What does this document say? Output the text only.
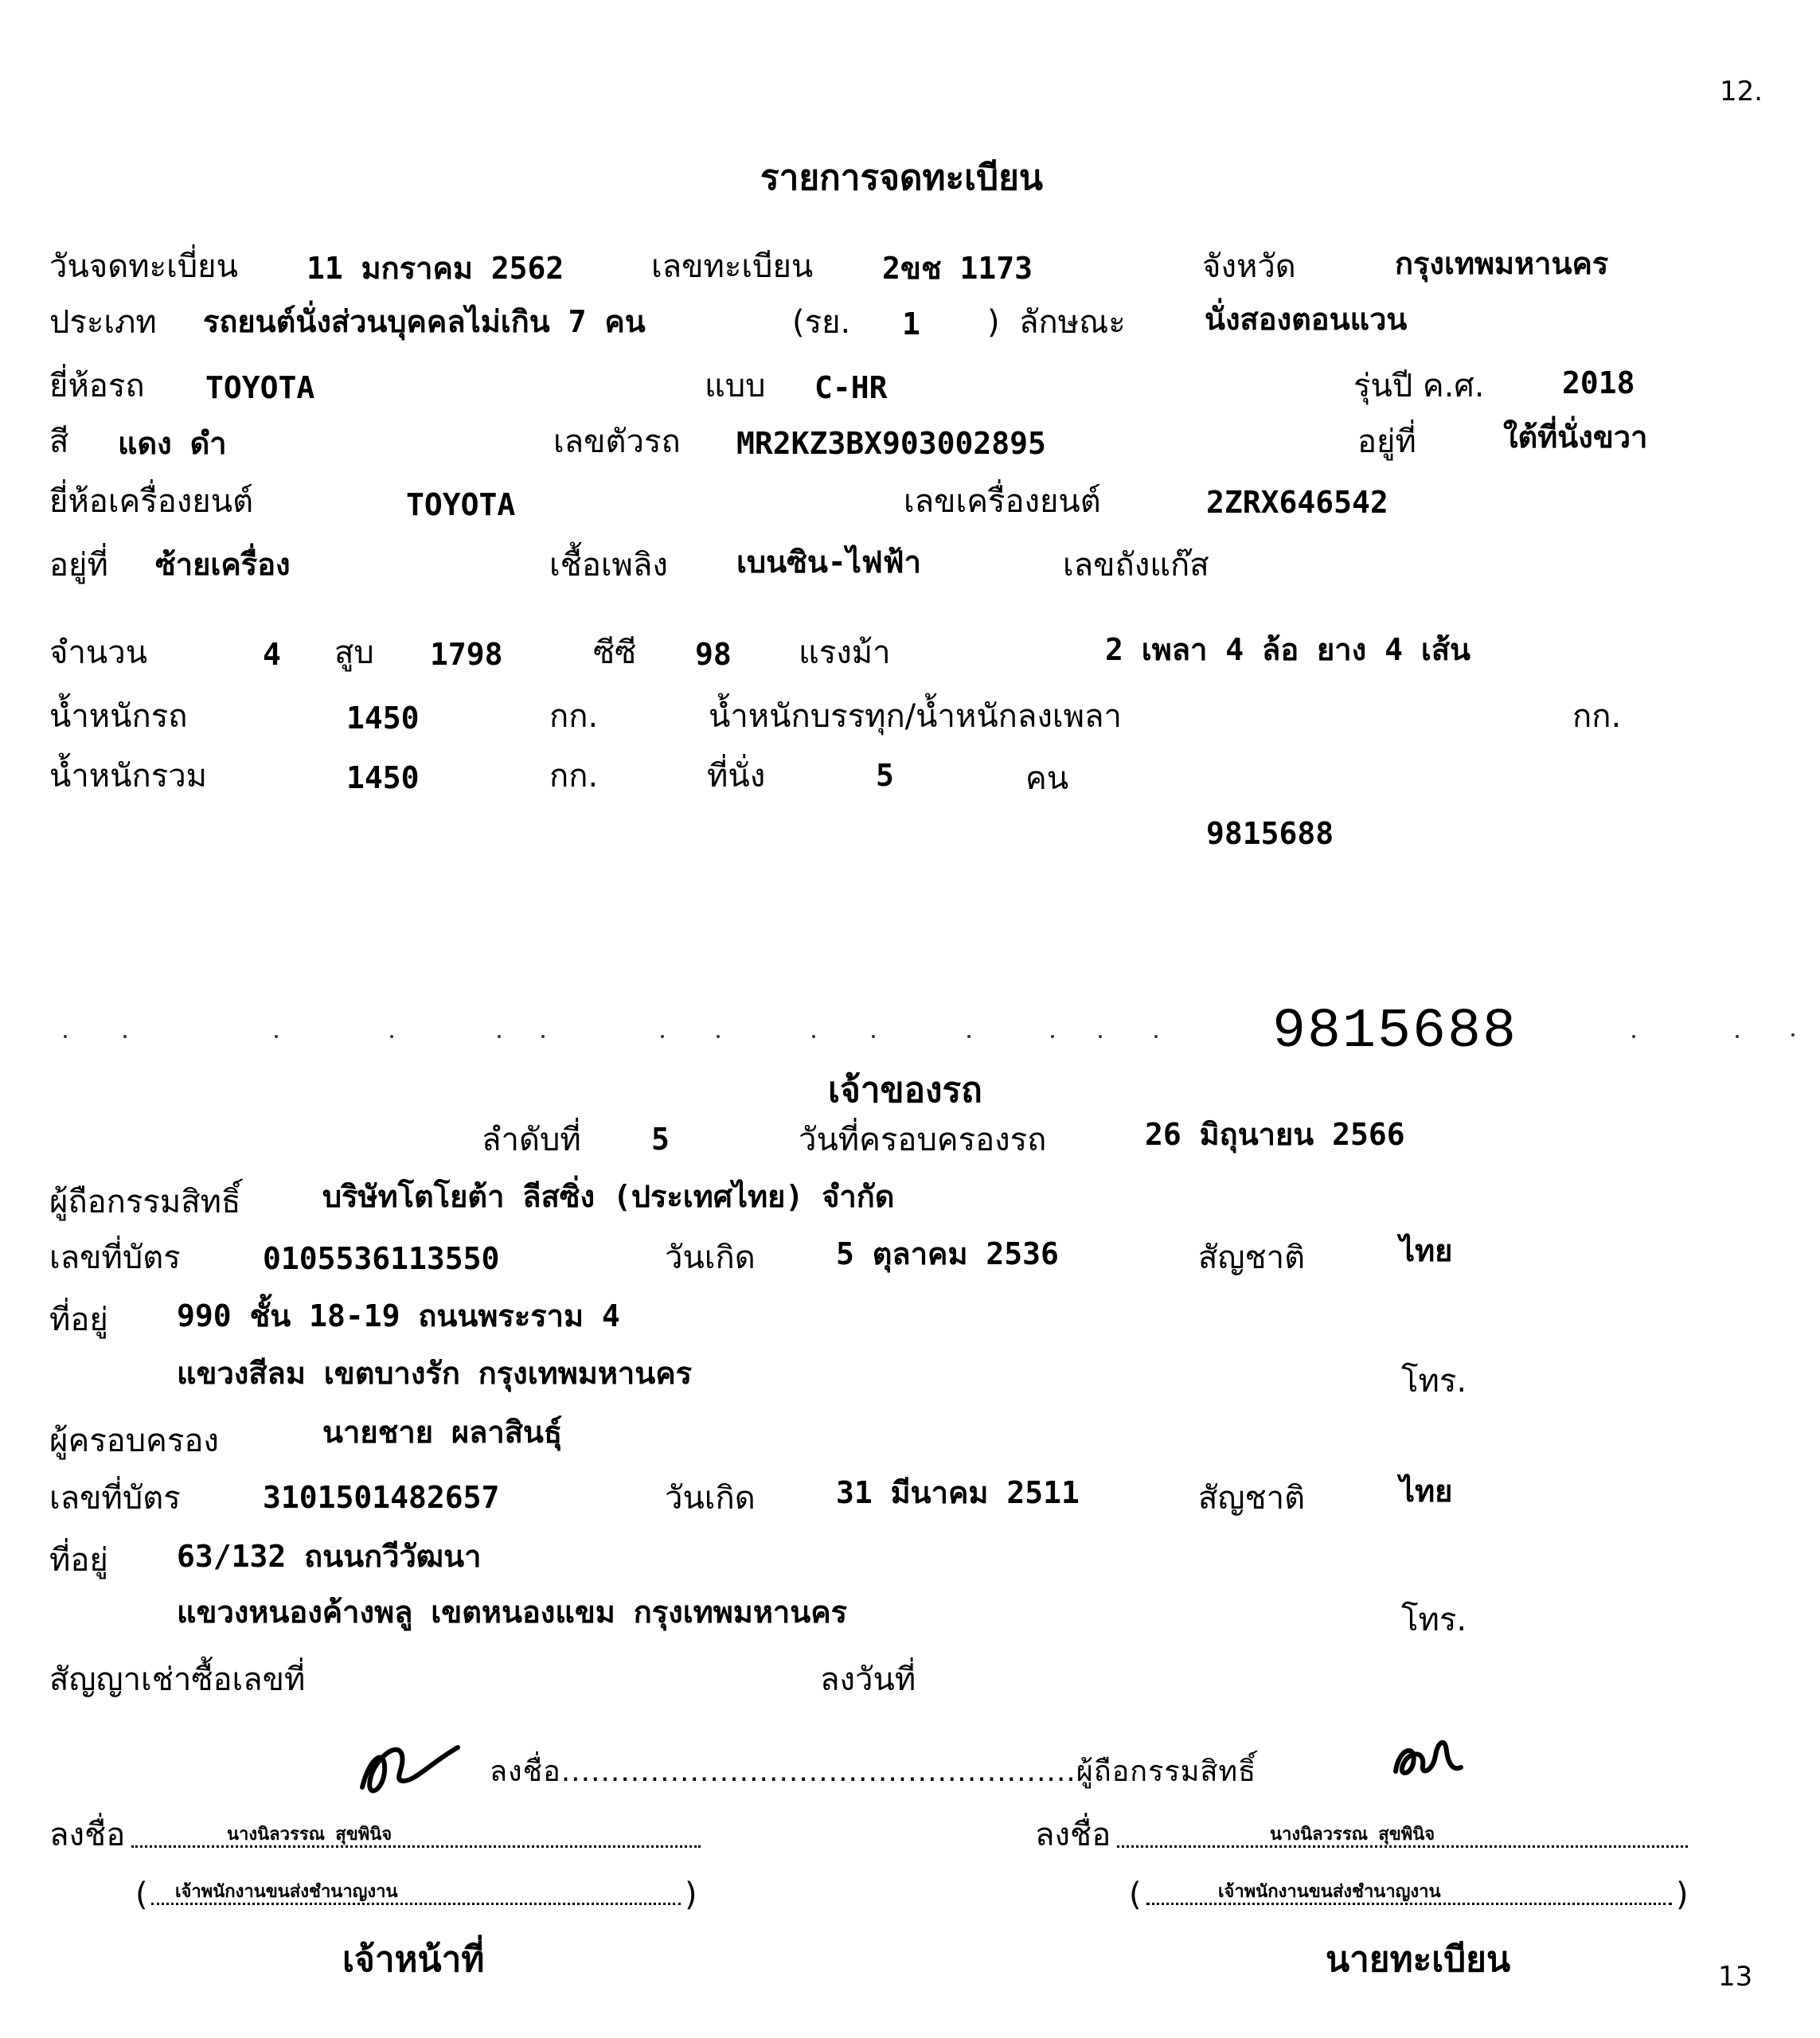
12.
13
รายการจดทะเบียน
วันจดทะเบี่ยน 11 มกราคม 2562	เลขทะเบียน 2ขช 1173	จังหวัด	กรุงเทพมหานคร
ประเภท รถยนต์นั่งส่วนบุคคลไม่เกิน 7 คน	(รย. 1 ) ลักษณะ	นั่งสองตอนแวน
ยี่ห้อรถ TOYOTA	แบบ C-HR	รุ่นปี ค.ศ.	2018
สี แดง ดำ	เลขตัวรถ MR2KZ3BX903002895	อยู่ที่	ใต้ที่นั่งขวา
ยี่ห้อเครื่องยนต์	TOYOTA	เลขเครื่องยนต์	2ZRX646542
อยู่ที่ ซ้ายเครื่อง	เชื้อเพลิง เบนซิน-ไฟฟ้า	เลขถังแก๊ส
จำนวน	4 สูบ 1798	ซีซี 98 แรงม้า	2 เพลา 4 ล้อ ยาง 4 เส้น
น้ำหนักรถ	1450	กก.	น้ำหนักบรรทุก/น้ำหนักลงเพลา	กก.
น้ำหนักรวม	1450	กก.	ที่นั่ง	5	คน
9815688
9815688
เจ้าของรถ
ลำดับที่ 5	วันที่ครอบครองรถ	26 มิถุนายน 2566
ผู้ถือกรรมสิทธิ์	บริษัทโตโยต้า ลีสซิ่ง (ประเทศไทย) จำกัด
เลขที่บัตร	0105536113550	วันเกิด	5 ตุลาคม 2536	สัญชาติ	ไทย
ที่อยู่ 990 ชั้น 18-19 ถนนพระราม 4
แขวงสีลม เขตบางรัก กรุงเทพมหานคร	โทร.
ผู้ครอบครอง	นายชาย ผลาสินธุ์
เลขที่บัตร	3101501482657	วันเกิด	31 มีนาคม 2511	สัญชาติ	ไทย
ที่อยู่ 63/132 ถนนกวีวัฒนา
แขวงหนองค้างพลู เขตหนองแขม กรุงเทพมหานคร	โทร.
สัญญาเช่าซื้อเลขที่	ลงวันที่
ลงชื่อ....................................................ผู้ถือกรรมสิทธิ์
ลงชื่อ	นางนิลวรรณ สุขพินิจ
( เจ้าพนักงานขนส่งชำนาญงาน	)
เจ้าหน้าที่
ลงชื่อ	นางนิลวรรณ สุขพินิจ
(	เจ้าพนักงานขนส่งชำนาญงาน	)
นายทะเบียน
